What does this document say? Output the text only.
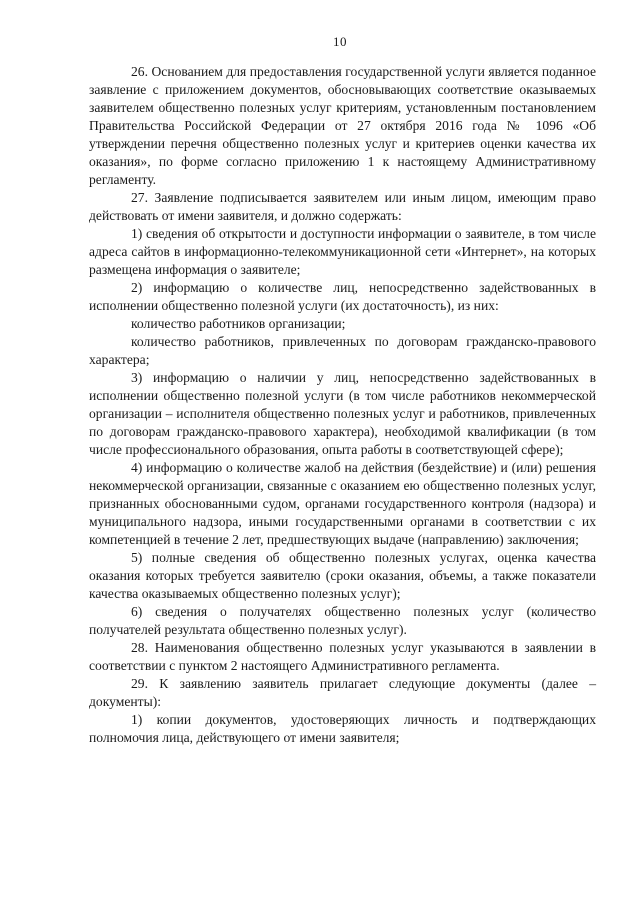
10

26. Основанием для предоставления государственной услуги является поданное заявление с приложением документов, обосновывающих соответствие оказываемых заявителем общественно полезных услуг критериям, установленным постановлением Правительства Российской Федерации от 27 октября 2016 года № 1096 «Об утверждении перечня общественно полезных услуг и критериев оценки качества их оказания», по форме согласно приложению 1 к настоящему Административному регламенту.

27. Заявление подписывается заявителем или иным лицом, имеющим право действовать от имени заявителя, и должно содержать:

1) сведения об открытости и доступности информации о заявителе, в том числе адреса сайтов в информационно-телекоммуникационной сети «Интернет», на которых размещена информация о заявителе;

2) информацию о количестве лиц, непосредственно задействованных в исполнении общественно полезной услуги (их достаточность), из них:

количество работников организации;

количество работников, привлеченных по договорам гражданско-правового характера;

3) информацию о наличии у лиц, непосредственно задействованных в исполнении общественно полезной услуги (в том числе работников некоммерческой организации – исполнителя общественно полезных услуг и работников, привлеченных по договорам гражданско-правового характера), необходимой квалификации (в том числе профессионального образования, опыта работы в соответствующей сфере);

4) информацию о количестве жалоб на действия (бездействие) и (или) решения некоммерческой организации, связанные с оказанием ею общественно полезных услуг, признанных обоснованными судом, органами государственного контроля (надзора) и муниципального надзора, иными государственными органами в соответствии с их компетенцией в течение 2 лет, предшествующих выдаче (направлению) заключения;

5) полные сведения об общественно полезных услугах, оценка качества оказания которых требуется заявителю (сроки оказания, объемы, а также показатели качества оказываемых общественно полезных услуг);

6) сведения о получателях общественно полезных услуг (количество получателей результата общественно полезных услуг).

28. Наименования общественно полезных услуг указываются в заявлении в соответствии с пунктом 2 настоящего Административного регламента.

29. К заявлению заявитель прилагает следующие документы (далее – документы):

1) копии документов, удостоверяющих личность и подтверждающих полномочия лица, действующего от имени заявителя;
